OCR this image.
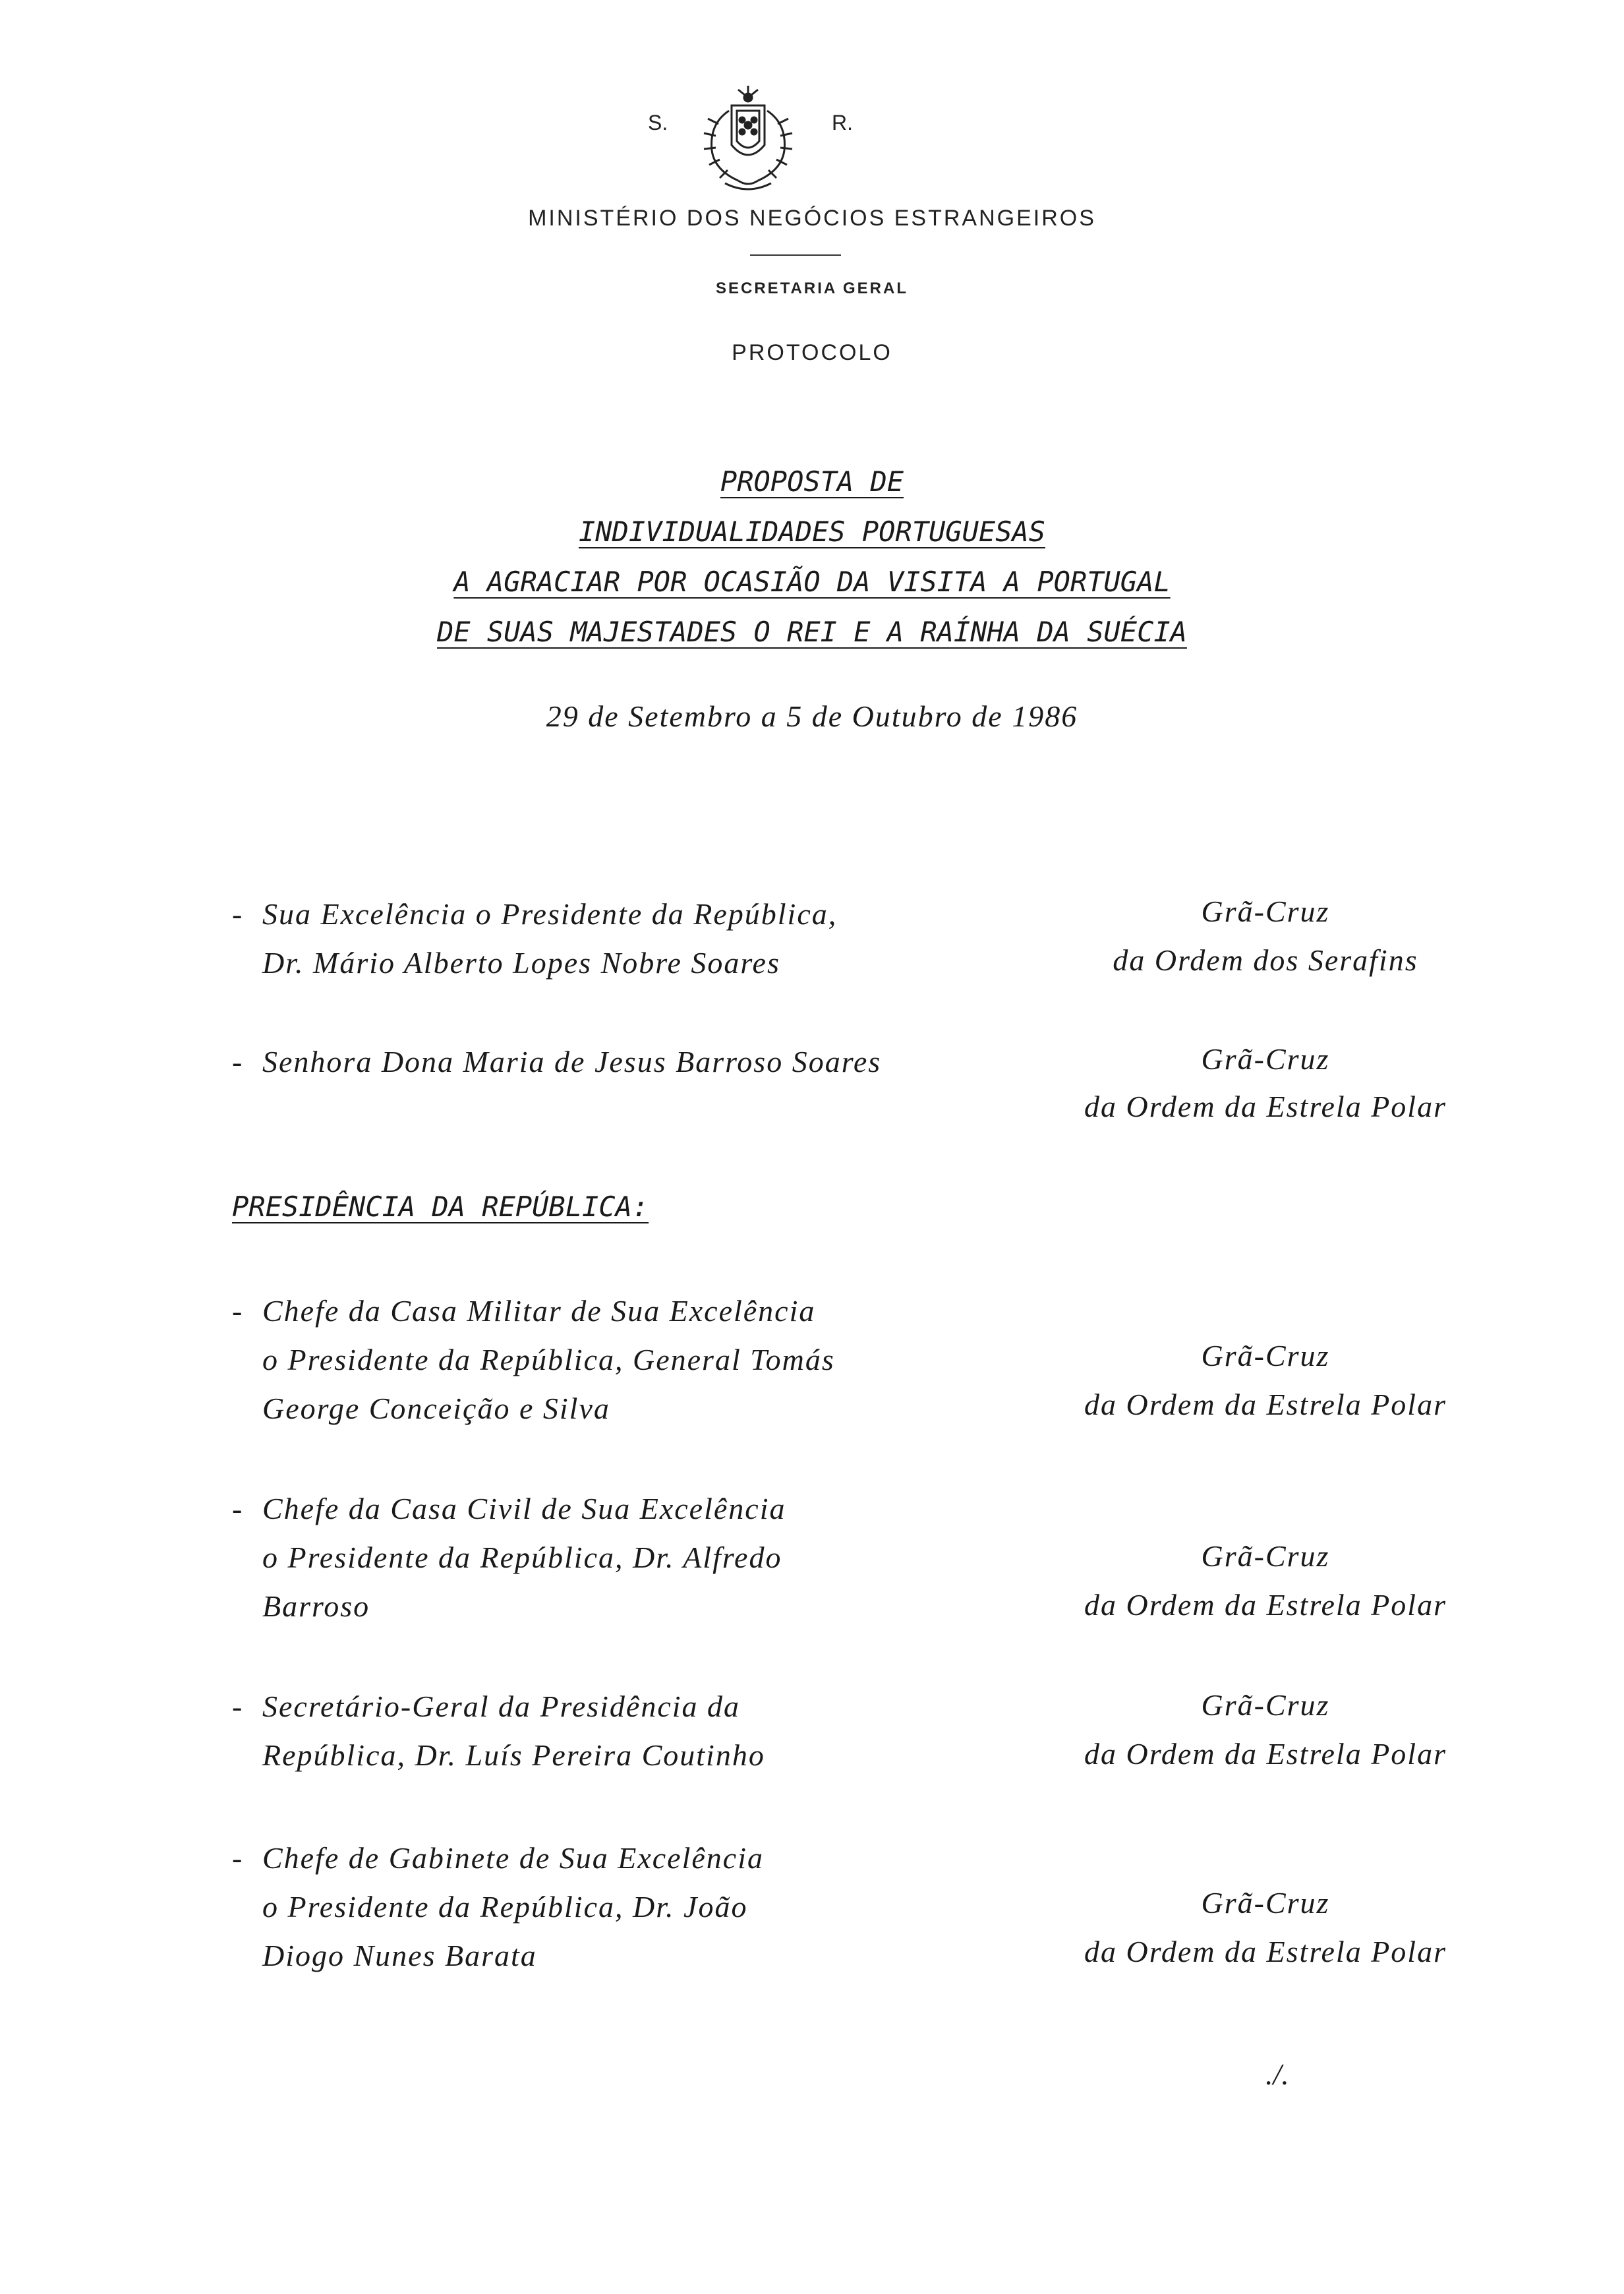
S.	R.
MINISTÉRIO DOS NEGÓCIOS ESTRANGEIROS
SECRETARIA GERAL
PROTOCOLO
PROPOSTA DE
INDIVIDUALIDADES PORTUGUESAS
A AGRACIAR POR OCASIÃO DA VISITA A PORTUGAL
DE SUAS MAJESTADES O REI E A RAÍNHA DA SUÉCIA
29 de Setembro a 5 de Outubro de 1986
- Sua Excelência o Presidente da República,
Dr. Mário Alberto Lopes Nobre Soares
Grã-Cruz
da Ordem dos Serafins
- Senhora Dona Maria de Jesus Barroso Soares	Grã-Cruz
da Ordem da Estrela Polar
PRESIDÊNCIA DA REPÚBLICA:
- Chefe da Casa Militar de Sua Excelência
o Presidente da República, General Tomás
George Conceição e Silva
Grã-Cruz
da Ordem da Estrela Polar
- Chefe da Casa Civil de Sua Excelência
o Presidente da República, Dr. Alfredo
Barroso
Grã-Cruz
da Ordem da Estrela Polar
- Secretário-Geral da Presidência da
República, Dr. Luís Pereira Coutinho
Grã-Cruz
da Ordem da Estrela Polar
- Chefe de Gabinete de Sua Excelência
o Presidente da República, Dr. João
Diogo Nunes Barata
Grã-Cruz
da Ordem da Estrela Polar
./.
